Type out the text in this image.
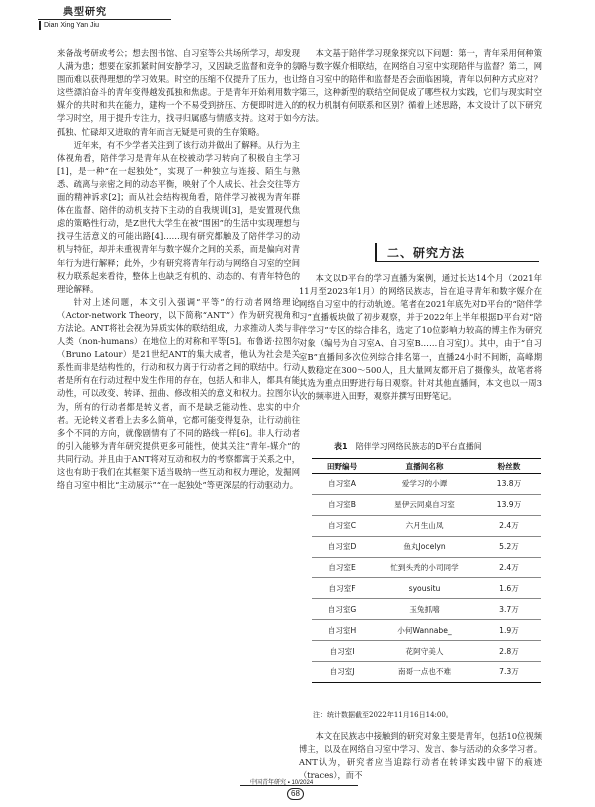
典型研究
Dian Xing Yan Jiu

来备战考研或考公；想去图书馆、自习室等公共场所学习，却发现人满为患；想要在家抓紧时间安静学习，又因缺乏监督和竞争的氛围而难以获得理想的学习效果。时空的压缩不仅提升了压力，也让这些漂泊奋斗的青年变得越发孤独和焦虑。于是青年开始利用数字媒介的共时和共在能力，建构一个不易受到挤压、方便即时进入的学习时空，用于提升专注力，找寻归属感与情感支持。这对于如今孤独、忙碌却又进取的青年而言无疑是可贵的生存策略。

近年来，有不少学者关注到了该行动并做出了解释。从行为主体视角看，陪伴学习是青年从在校被动学习转向了积极自主学习[1]，是一种“在一起独处”，实现了一种独立与连接、陌生与熟悉、疏离与亲密之间的动态平衡，映射了个人成长、社会交往等方面的精神诉求[2]；而从社会结构视角看，陪伴学习被视为青年群体在监督、陪伴的动机支持下主动的自我规训[3]，是安置现代焦虑的策略性行动，是Z世代大学生在被“围困”的生活中实现理想与找寻生活意义的可能出路[4]……现有研究都触及了陪伴学习的动机与特征，却并未重视青年与数字媒介之间的关系，而是偏向对青年行为进行解释；此外，少有研究将青年行动与网络自习室的空间权力联系起来看待，整体上也缺乏有机的、动态的、有青年特色的理论解释。

针对上述问题，本文引入强调“平等”的行动者网络理论（Actor-network Theory，以下简称“ANT”）作为研究视角和方法论。ANT将社会视为异质实体的联结组成，力求推动人类与非人类（non-humans）在地位上的对称和平等[5]。布鲁诺·拉图尔（Bruno Latour）是21世纪ANT的集大成者，他认为社会是关系性而非是结构性的，行动和权力离于行动者之间的联结中。行动者是所有在行动过程中发生作用的存在，包括人和非人，都具有能动性，可以改变、转译、扭曲、修改相关的意义和权力。拉图尔认为，所有的行动者都是转义者，而不是缺乏能动性、忠实的中介者。无论转义者看上去多么简单，它都可能变得复杂，让行动前往多个不同的方向，就像剧情有了不同的路线一样[6]。非人行动者的引入能够为青年研究提供更多可能性，使其关注“青年-媒介”的共同行动。并且由于ANT将对互动和权力的考察都寓于关系之中，这也有助于我们在其框架下适当吸纳一些互动和权力理论，发掘网络自习室中相比“主动展示”“在一起独处”等更深层的行动驱动力。

本文基于陪伴学习现象探究以下问题：第一，青年采用何种策略与数字媒介相联结，在网络自习室中实现陪伴与监督？第二，网络自习室中的陪伴和监督是否会面临困境，青年以何种方式应对？第三，这种新型的联结空间促成了哪些权力实践，它们与现实时空的权力机制有何联系和区别？循着上述思路，本文设计了以下研究方法。

二、研究方法

本文以D平台的学习直播为案例，通过长达14个月（2021年11月至2023年1月）的网络民族志，旨在追寻青年和数字媒介在网络自习室中的行动轨迹。笔者在2021年底先对D平台的“陪伴学习”直播板块做了初步观察，并于2022年上半年根据D平台对“陪伴学习”专区的综合排名，选定了10位影响力较高的博主作为研究对象（编号为自习室A、自习室B……自习室J）。其中，由于“自习室B”直播间多次位列综合排名第一，直播24小时不间断，高峰期人数稳定在300～500人，且大量网友都开启了摄像头，故笔者将其选为重点田野进行每日观察。针对其他直播间，本文也以一周3次的频率进入田野，观察并撰写田野笔记。

表1 陪伴学习网络民族志的D平台直播间
田野编号	直播间名称	粉丝数
自习室A	爱学习的小谭	13.8万
自习室B	星伊云同桌自习室	13.9万
自习室C	六月生山凤	2.4万
自习室D	鱼丸Jocelyn	5.2万
自习室E	忙到头秃的小司同学	2.4万
自习室F	syousitu	1.6万
自习室G	玉兔抓嘻	3.7万
自习室H	小何Wannabe_	1.9万
自习室I	花阿守美人	2.8万
自习室J	南哥一点也不难	7.3万
注：统计数据截至2022年11月16日14:00。

本文在民族志中接触到的研究对象主要是青年，包括10位视频博主，以及在网络自习室中学习、发言、参与活动的众多学习者。ANT认为，研究者应当追踪行动者在转译实践中留下的痕迹（traces），而不

中国青年研究 ▪ 10/2024
68
